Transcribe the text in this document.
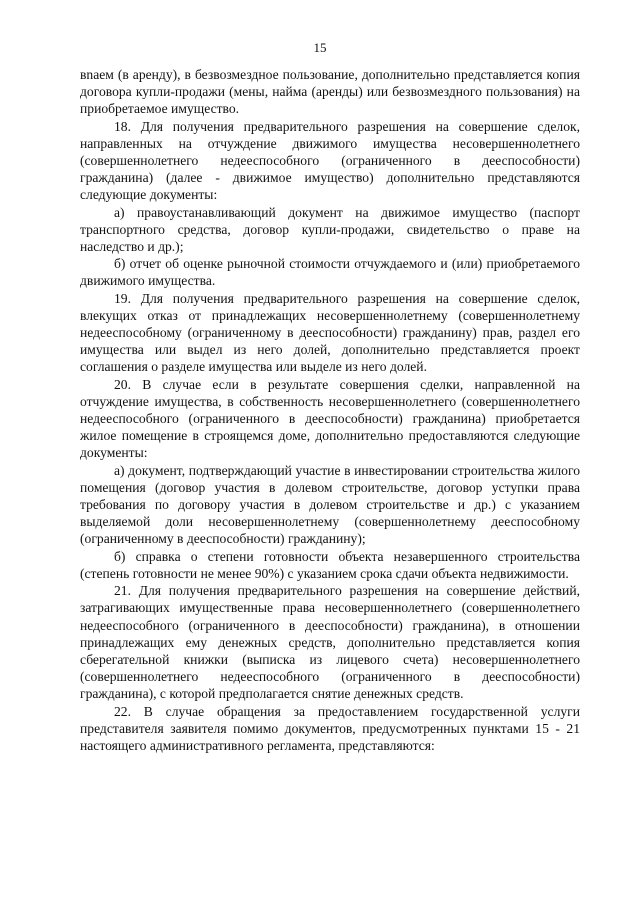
15

вnaем (в аренду), в безвозмездное пользование, дополнительно представляется копия договора купли-продажи (мены, найма (аренды) или безвозмездного пользования) на приобретаемое имущество.

18. Для получения предварительного разрешения на совершение сделок, направленных на отчуждение движимого имущества несовершеннолетнего (совершеннолетнего недееспособного (ограниченного в дееспособности) гражданина) (далее - движимое имущество) дополнительно представляются следующие документы:

а) правоустанавливающий документ на движимое имущество (паспорт транспортного средства, договор купли-продажи, свидетельство о праве на наследство и др.);

б) отчет об оценке рыночной стоимости отчуждаемого и (или) приобретаемого движимого имущества.

19. Для получения предварительного разрешения на совершение сделок, влекущих отказ от принадлежащих несовершеннолетнему (совершеннолетнему недееспособному (ограниченному в дееспособности) гражданину) прав, раздел его имущества или выдел из него долей, дополнительно представляется проект соглашения о разделе имущества или выделе из него долей.

20. В случае если в результате совершения сделки, направленной на отчуждение имущества, в собственность несовершеннолетнего (совершеннолетнего недееспособного (ограниченного в дееспособности) гражданина) приобретается жилое помещение в строящемся доме, дополнительно предоставляются следующие документы:

а) документ, подтверждающий участие в инвестировании строительства жилого помещения (договор участия в долевом строительстве, договор уступки права требования по договору участия в долевом строительстве и др.) с указанием выделяемой доли несовершеннолетнему (совершеннолетнему дееспособному (ограниченному в дееспособности) гражданину);

б) справка о степени готовности объекта незавершенного строительства (степень готовности не менее 90%) с указанием срока сдачи объекта недвижимости.

21. Для получения предварительного разрешения на совершение действий, затрагивающих имущественные права несовершеннолетнего (совершеннолетнего недееспособного (ограниченного в дееспособности) гражданина), в отношении принадлежащих ему денежных средств, дополнительно представляется копия сберегательной книжки (выписка из лицевого счета) несовершеннолетнего (совершеннолетнего недееспособного (ограниченного в дееспособности) гражданина), с которой предполагается снятие денежных средств.

22. В случае обращения за предоставлением государственной услуги представителя заявителя помимо документов, предусмотренных пунктами 15 - 21 настоящего административного регламента, представляются:
